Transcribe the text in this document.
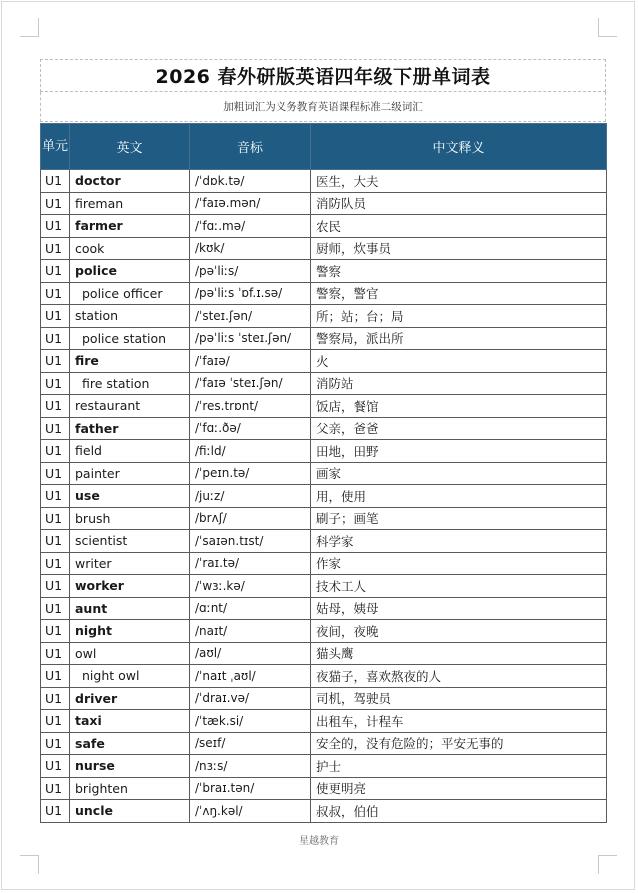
2026 春外研版英语四年级下册单词表
加粗词汇为义务教育英语课程标准二级词汇
单元	英文	音标	中文释义
U1	doctor	/ˈdɒk.tə/	医生，大夫
U1	fireman	/ˈfaɪə.mən/	消防队员
U1	farmer	/ˈfɑː.mə/	农民
U1	cook	/kʊk/	厨师，炊事员
U1	police	/pəˈliːs/	警察
U1	police officer	/pəˈliːs ˈɒf.ɪ.sə/	警察，警官
U1	station	/ˈsteɪ.ʃən/	所；站；台；局
U1	police station	/pəˈliːs ˈsteɪ.ʃən/	警察局，派出所
U1	fire	/ˈfaɪə/	火
U1	fire station	/ˈfaɪə ˈsteɪ.ʃən/	消防站
U1	restaurant	/ˈres.trɒnt/	饭店，餐馆
U1	father	/ˈfɑː.ðə/	父亲，爸爸
U1	field	/fiːld/	田地，田野
U1	painter	/ˈpeɪn.tə/	画家
U1	use	/juːz/	用，使用
U1	brush	/brʌʃ/	刷子；画笔
U1	scientist	/ˈsaɪən.tɪst/	科学家
U1	writer	/ˈraɪ.tə/	作家
U1	worker	/ˈwɜː.kə/	技术工人
U1	aunt	/ɑːnt/	姑母，姨母
U1	night	/naɪt/	夜间，夜晚
U1	owl	/aʊl/	猫头鹰
U1	night owl	/ˈnaɪt ˌaʊl/	夜猫子，喜欢熬夜的人
U1	driver	/ˈdraɪ.və/	司机，驾驶员
U1	taxi	/ˈtæk.si/	出租车，计程车
U1	safe	/seɪf/	安全的，没有危险的；平安无事的
U1	nurse	/nɜːs/	护士
U1	brighten	/ˈbraɪ.tən/	使更明亮
U1	uncle	/ˈʌŋ.kəl/	叔叔，伯伯
星越教育
